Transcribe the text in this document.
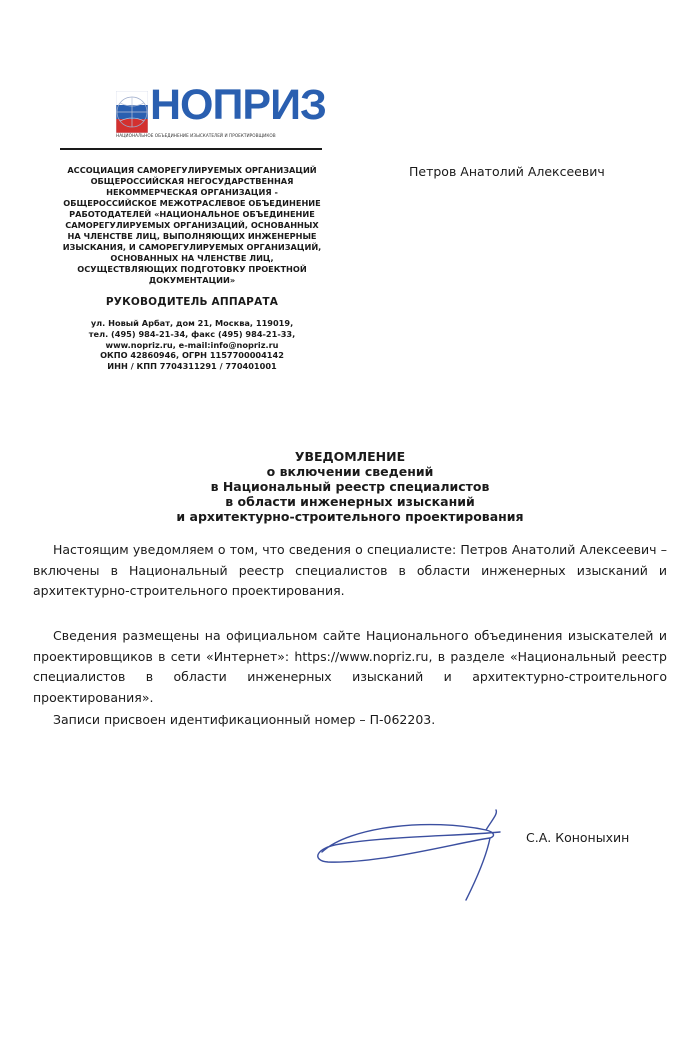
НОПРИЗ
НАЦИОНАЛЬНОЕ ОБЪЕДИНЕНИЕ ИЗЫСКАТЕЛЕЙ И ПРОЕКТИРОВЩИКОВ
АССОЦИАЦИЯ САМОРЕГУЛИРУЕМЫХ ОРГАНИЗАЦИЙ
ОБЩЕРОССИЙСКАЯ НЕГОСУДАРСТВЕННАЯ
НЕКОММЕРЧЕСКАЯ ОРГАНИЗАЦИЯ -
ОБЩЕРОССИЙСКОЕ МЕЖОТРАСЛЕВОЕ ОБЪЕДИНЕНИЕ
РАБОТОДАТЕЛЕЙ «НАЦИОНАЛЬНОЕ ОБЪЕДИНЕНИЕ
САМОРЕГУЛИРУЕМЫХ ОРГАНИЗАЦИЙ, ОСНОВАННЫХ
НА ЧЛЕНСТВЕ ЛИЦ, ВЫПОЛНЯЮЩИХ ИНЖЕНЕРНЫЕ
ИЗЫСКАНИЯ, И САМОРЕГУЛИРУЕМЫХ ОРГАНИЗАЦИЙ,
ОСНОВАННЫХ НА ЧЛЕНСТВЕ ЛИЦ,
ОСУЩЕСТВЛЯЮЩИХ ПОДГОТОВКУ ПРОЕКТНОЙ
ДОКУМЕНТАЦИИ»
РУКОВОДИТЕЛЬ АППАРАТА
ул. Новый Арбат, дом 21, Москва, 119019,
тел. (495) 984-21-34, факс (495) 984-21-33,
www.nopriz.ru, e-mail:info@nopriz.ru
ОКПО 42860946, ОГРН 1157700004142
ИНН / КПП 7704311291 / 770401001
Петров Анатолий Алексеевич
УВЕДОМЛЕНИЕ
о включении сведений
в Национальный реестр специалистов
в области инженерных изысканий
и архитектурно-строительного проектирования

Настоящим уведомляем о том, что сведения о специалисте: Петров Анатолий Алексеевич – включены в Национальный реестр специалистов в области инженерных изысканий и архитектурно-строительного проектирования.

Сведения размещены на официальном сайте Национального объединения изыскателей и проектировщиков в сети «Интернет»: https://www.nopriz.ru, в разделе «Национальный реестр специалистов в области инженерных изысканий и архитектурно-строительного проектирования».

Записи присвоен идентификационный номер – П-062203.

С.А. Кононыхин
